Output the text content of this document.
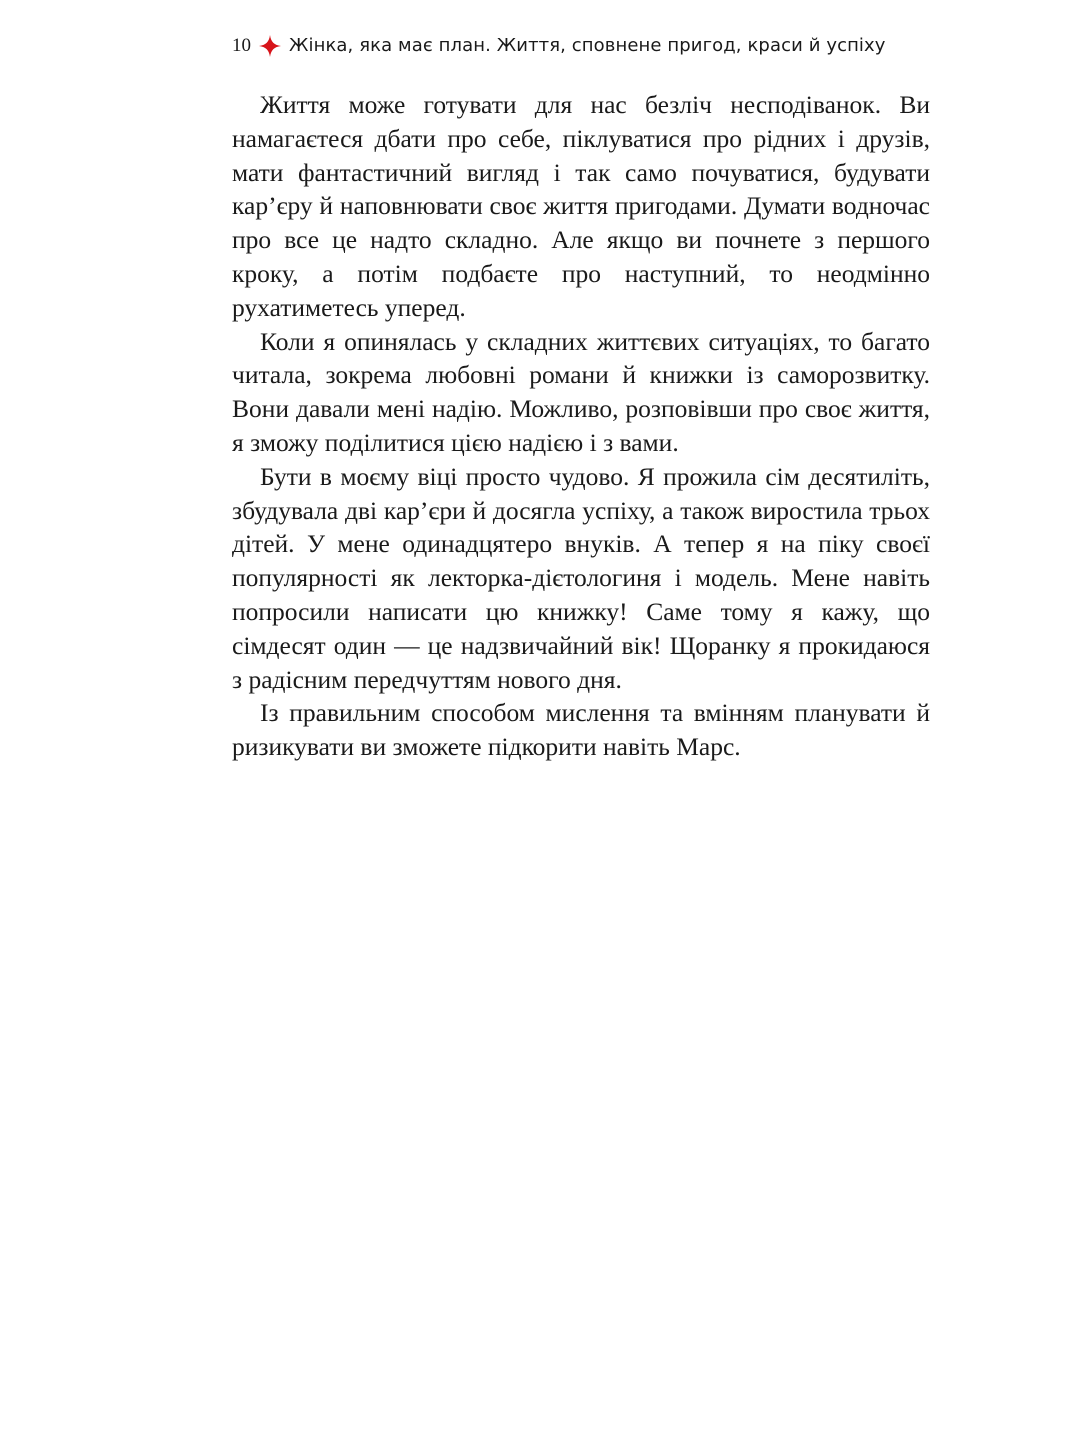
10 Жінка, яка має план. Життя, сповнене пригод, краси й успіху

Життя може готувати для нас безліч несподіванок. Ви намагаєтеся дбати про себе, піклуватися про рідних і друзів, мати фантастичний вигляд і так само почуватися, будувати кар’єру й наповнювати своє життя пригодами. Думати водночас про все це надто складно. Але якщо ви почнете з першого кроку, а потім подбаєте про наступний, то неодмінно рухатиметесь уперед.

Коли я опинялась у складних життєвих ситуаціях, то багато читала, зокрема любовні романи й книжки із саморозвитку. Вони давали мені надію. Можливо, розповівши про своє життя, я зможу поділитися цією надією і з вами.

Бути в моєму віці просто чудово. Я прожила сім десятиліть, збудувала дві кар’єри й досягла успіху, а також виростила трьох дітей. У мене одинадцятеро внуків. А тепер я на піку своєї популярності як лекторка-дієтологиня і модель. Мене навіть попросили написати цю книжку! Саме тому я кажу, що сімдесят один — це надзвичайний вік! Щоранку я прокидаюся з радісним передчуттям нового дня.

Із правильним способом мислення та вмінням планувати й ризикувати ви зможете підкорити навіть Марс.
